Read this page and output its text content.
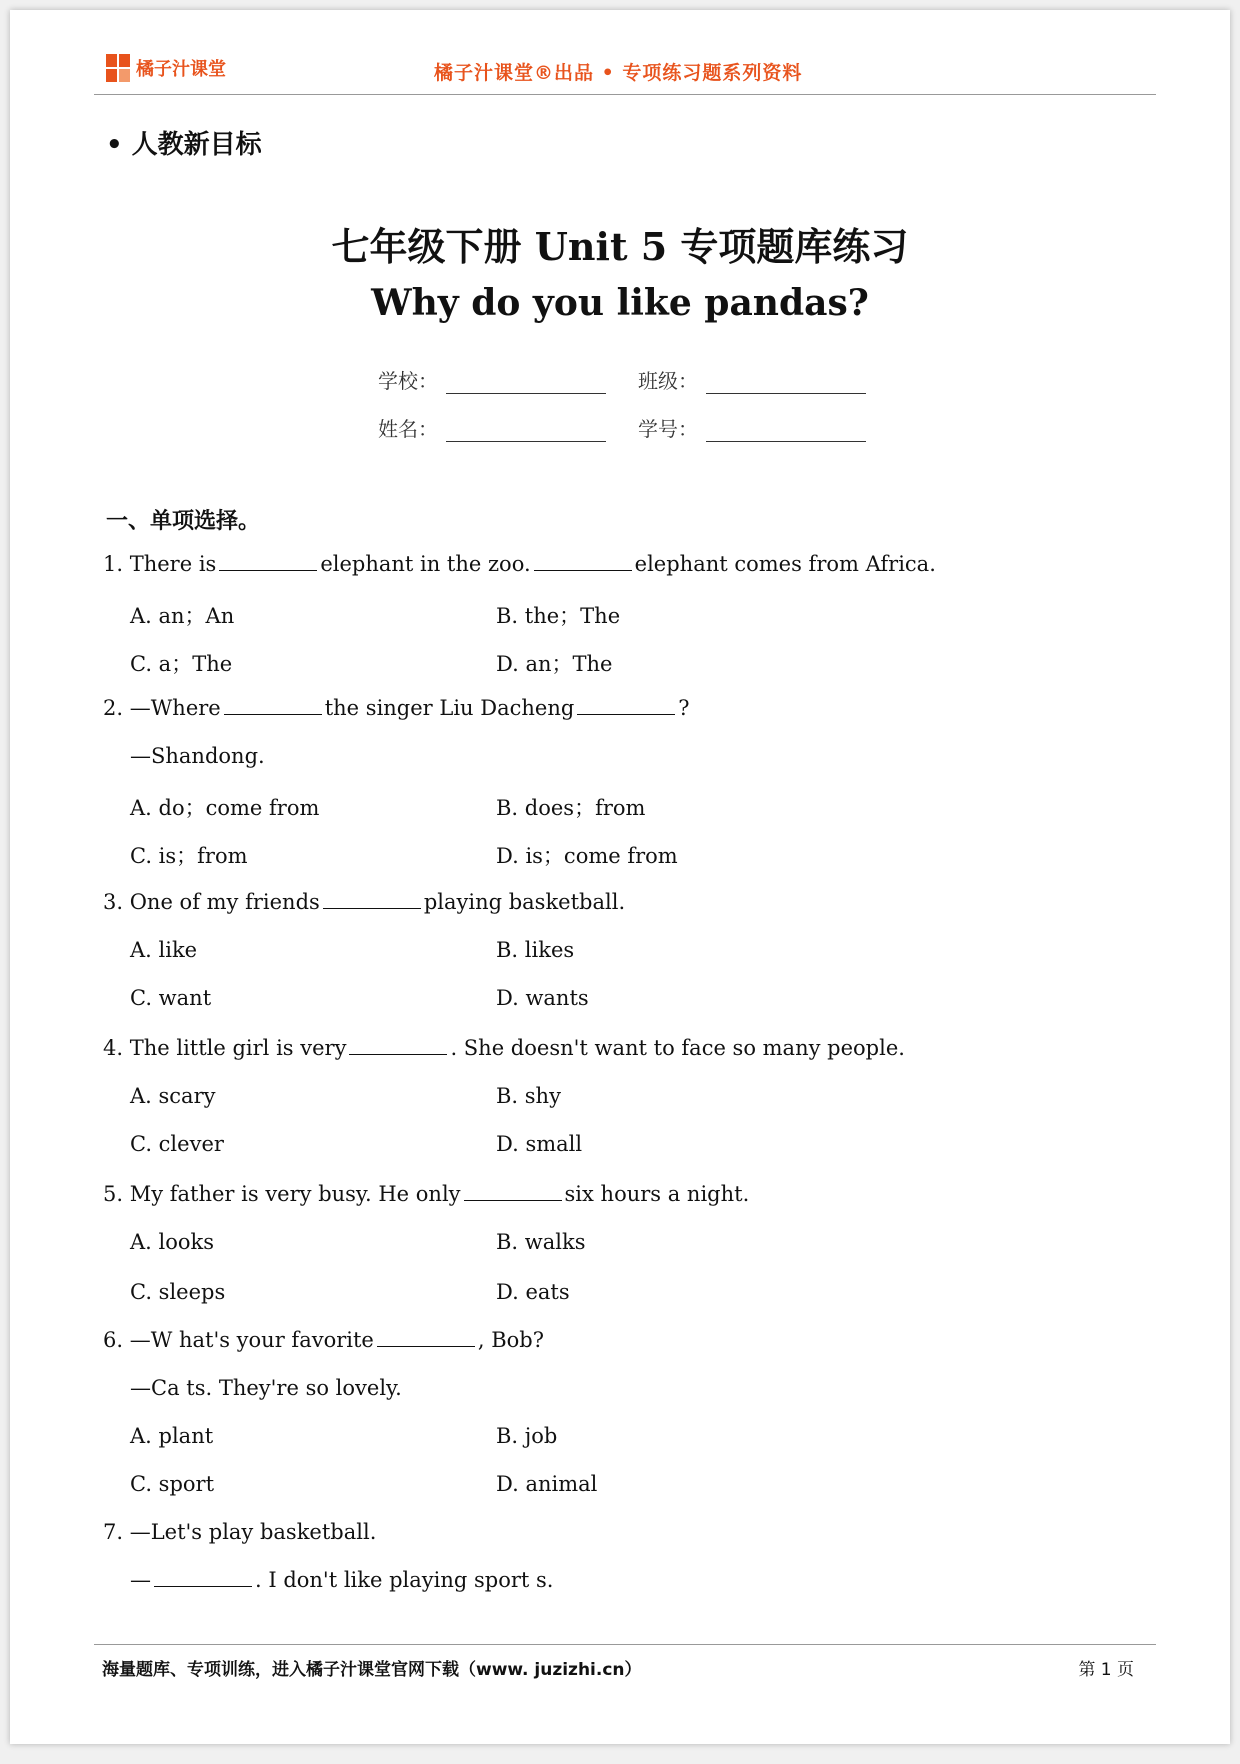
橘子汁课堂	橘子汁课堂®出品 • 专项练习题系列资料
• 人教新目标
七年级下册 Unit 5 专项题库练习
Why do you like pandas?
学校：	班级：
姓名：	学号：
一、单项选择。
1. There is	elephant in the zoo.	elephant comes from Africa.
A. an；An	B. the；The
C. a；The	D. an；The
2. —Where	the singer Liu Dacheng	?
—Shandong.
A. do；come from	B. does；from
C. is；from	D. is；come from
3. One of my friends	playing basketball.
A. like	B. likes
C. want	D. wants
4. The little girl is very	. She doesn't want to face so many people.
A. scary	B. shy
C. clever	D. small
5. My father is very busy. He only	six hours a night.
A. looks	B. walks
C. sleeps	D. eats
6. —W hat's your favorite	, Bob?
—Ca ts. They're so lovely.
A. plant	B. job
C. sport	D. animal
7. —Let's play basketball.
—	. I don't like playing sport s.
海量题库、专项训练，进入橘子汁课堂官网下载（www. juzizhi.cn）	第 1 页
